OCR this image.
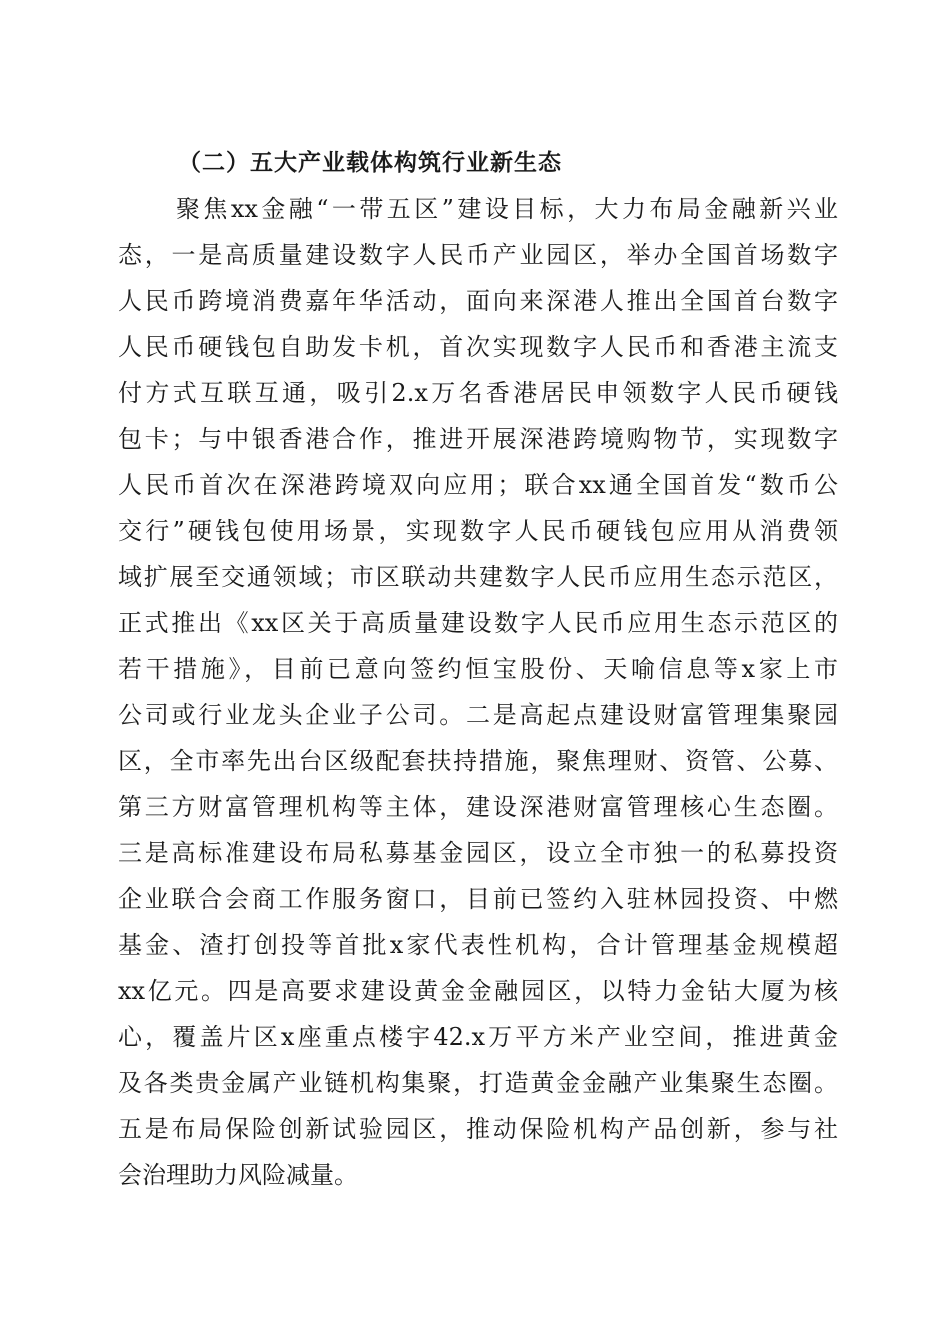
（二）五大产业载体构筑行业新生态
聚焦xx金融“一带五区”建设目标，大力布局金融新兴业
态，一是高质量建设数字人民币产业园区，举办全国首场数字
人民币跨境消费嘉年华活动，面向来深港人推出全国首台数字
人民币硬钱包自助发卡机，首次实现数字人民币和香港主流支
付方式互联互通，吸引2.x万名香港居民申领数字人民币硬钱
包卡；与中银香港合作，推进开展深港跨境购物节，实现数字
人民币首次在深港跨境双向应用；联合xx通全国首发“数币公
交行”硬钱包使用场景，实现数字人民币硬钱包应用从消费领
域扩展至交通领域；市区联动共建数字人民币应用生态示范区，
正式推出《xx区关于高质量建设数字人民币应用生态示范区的
若干措施》，目前已意向签约恒宝股份、天喻信息等x家上市
公司或行业龙头企业子公司。二是高起点建设财富管理集聚园
区，全市率先出台区级配套扶持措施，聚焦理财、资管、公募、
第三方财富管理机构等主体，建设深港财富管理核心生态圈。
三是高标准建设布局私募基金园区，设立全市独一的私募投资
企业联合会商工作服务窗口，目前已签约入驻林园投资、中燃
基金、渣打创投等首批x家代表性机构，合计管理基金规模超
xx亿元。四是高要求建设黄金金融园区，以特力金钻大厦为核
心，覆盖片区x座重点楼宇42.x万平方米产业空间，推进黄金
及各类贵金属产业链机构集聚，打造黄金金融产业集聚生态圈。
五是布局保险创新试验园区，推动保险机构产品创新，参与社
会治理助力风险减量。
